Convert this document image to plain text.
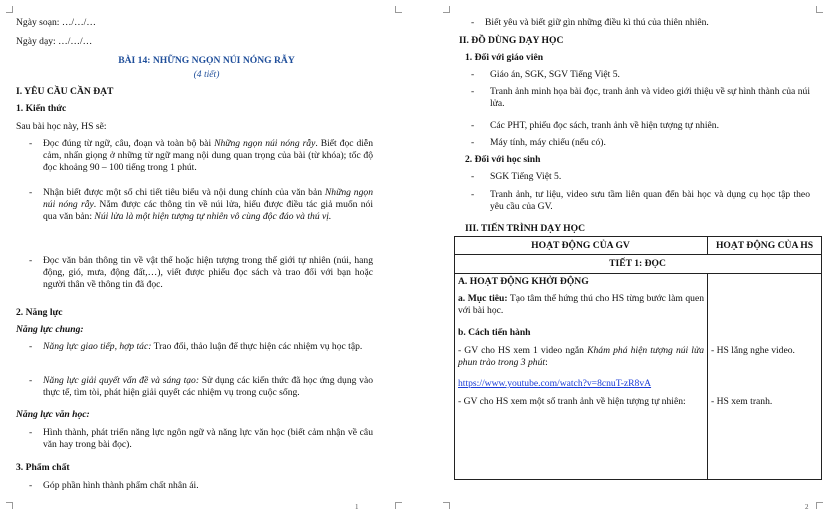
Ngày soạn: …/…/…
Ngày dạy: …/…/…
BÀI 14: NHỮNG NGỌN NÚI NÓNG RẪY
(4 tiết)
I. YÊU CẦU CẦN ĐẠT
1. Kiến thức
Sau bài học này, HS sẽ:
- Đọc đúng từ ngữ, câu, đoạn và toàn bộ bài Những ngọn núi nóng rẫy. Biết đọc diễn cảm, nhấn giọng ở những từ ngữ mang nội dung quan trọng của bài (từ khóa); tốc độ đọc khoảng 90 – 100 tiếng trong 1 phút.
- Nhận biết được một số chi tiết tiêu biểu và nội dung chính của văn bản Những ngọn núi nóng rẫy. Nắm được các thông tin về núi lửa, hiểu được điều tác giả muốn nói qua văn bản: Núi lửa là một hiện tượng tự nhiên vô cùng độc đáo và thú vị.
- Đọc văn bản thông tin về vật thể hoặc hiện tượng trong thế giới tự nhiên (núi, hang động, gió, mưa, động đất,…), viết được phiếu đọc sách và trao đổi với bạn hoặc người thân về thông tin đã đọc.
2. Năng lực
Năng lực chung:
- Năng lực giao tiếp, hợp tác: Trao đổi, thảo luận để thực hiện các nhiệm vụ học tập.
- Năng lực giải quyết vấn đề và sáng tạo: Sử dụng các kiến thức đã học ứng dụng vào thực tế, tìm tòi, phát hiện giải quyết các nhiệm vụ trong cuộc sống.
Năng lực văn học:
- Hình thành, phát triển năng lực ngôn ngữ và năng lực văn học (biết cảm nhận về câu văn hay trong bài đọc).
3. Phẩm chất
- Góp phần hình thành phẩm chất nhân ái.
1
- Biết yêu và biết giữ gìn những điều kì thú của thiên nhiên.
II. ĐỒ DÙNG DẠY HỌC
1. Đối với giáo viên
- Giáo án, SGK, SGV Tiếng Việt 5.
- Tranh ảnh minh họa bài đọc, tranh ảnh và video giới thiệu về sự hình thành của núi lửa.
- Các PHT, phiếu đọc sách, tranh ảnh về hiện tượng tự nhiên.
- Máy tính, máy chiếu (nếu có).
2. Đối với học sinh
- SGK Tiếng Việt 5.
- Tranh ảnh, tư liệu, video sưu tầm liên quan đến bài học và dụng cụ học tập theo yêu cầu của GV.
III. TIẾN TRÌNH DẠY HỌC
HOẠT ĐỘNG CỦA GV	HOẠT ĐỘNG CỦA HS
TIẾT 1: ĐỌC
A. HOẠT ĐỘNG KHỞI ĐỘNG
a. Mục tiêu: Tạo tâm thế hứng thú cho HS từng bước làm quen với bài học.
b. Cách tiến hành
- GV cho HS xem 1 video ngắn Khám phá hiện tượng núi lửa phun trào trong 3 phút:
https://www.youtube.com/watch?v=8cnuT-zR8vA
- GV cho HS xem một số tranh ảnh về hiện tượng tự nhiên:
- HS lắng nghe video.
- HS xem tranh.
2
